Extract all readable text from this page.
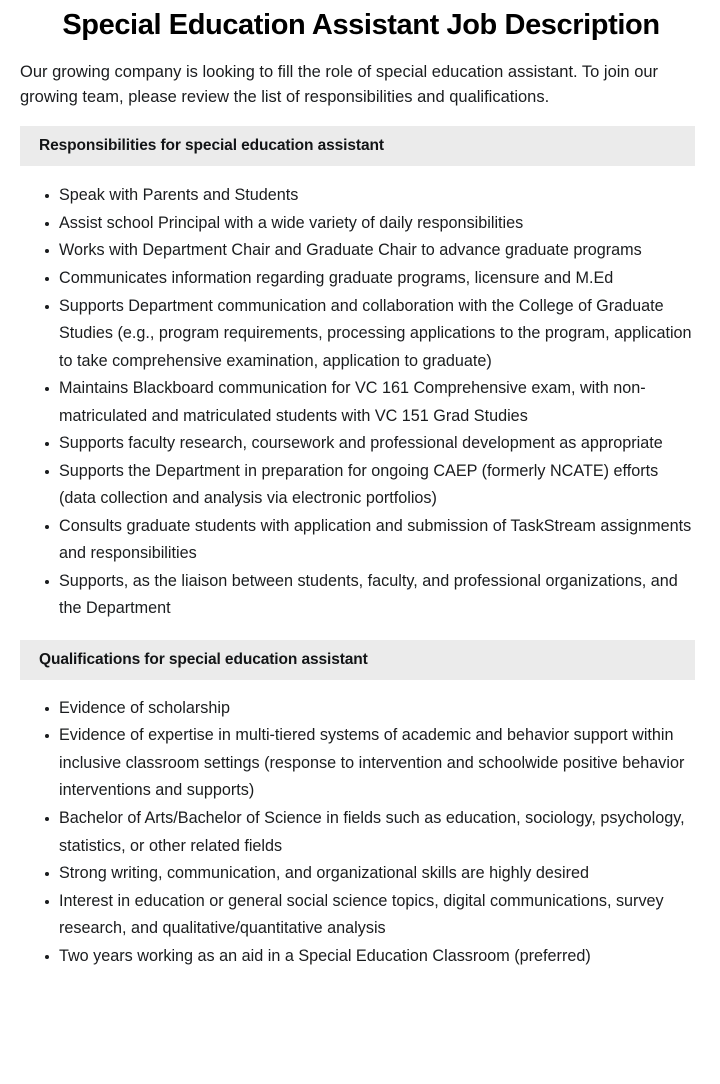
Special Education Assistant Job Description

Our growing company is looking to fill the role of special education assistant. To join our growing team, please review the list of responsibilities and qualifications.

Responsibilities for special education assistant
Speak with Parents and Students
Assist school Principal with a wide variety of daily responsibilities
Works with Department Chair and Graduate Chair to advance graduate programs
Communicates information regarding graduate programs, licensure and M.Ed
Supports Department communication and collaboration with the College of Graduate Studies (e.g., program requirements, processing applications to the program, application to take comprehensive examination, application to graduate)
Maintains Blackboard communication for VC 161 Comprehensive exam, with non-matriculated and matriculated students with VC 151 Grad Studies
Supports faculty research, coursework and professional development as appropriate
Supports the Department in preparation for ongoing CAEP (formerly NCATE) efforts (data collection and analysis via electronic portfolios)
Consults graduate students with application and submission of TaskStream assignments and responsibilities
Supports, as the liaison between students, faculty, and professional organizations, and the Department
Qualifications for special education assistant
Evidence of scholarship
Evidence of expertise in multi-tiered systems of academic and behavior support within inclusive classroom settings (response to intervention and schoolwide positive behavior interventions and supports)
Bachelor of Arts/Bachelor of Science in fields such as education, sociology, psychology, statistics, or other related fields
Strong writing, communication, and organizational skills are highly desired
Interest in education or general social science topics, digital communications, survey research, and qualitative/quantitative analysis
Two years working as an aid in a Special Education Classroom (preferred)
